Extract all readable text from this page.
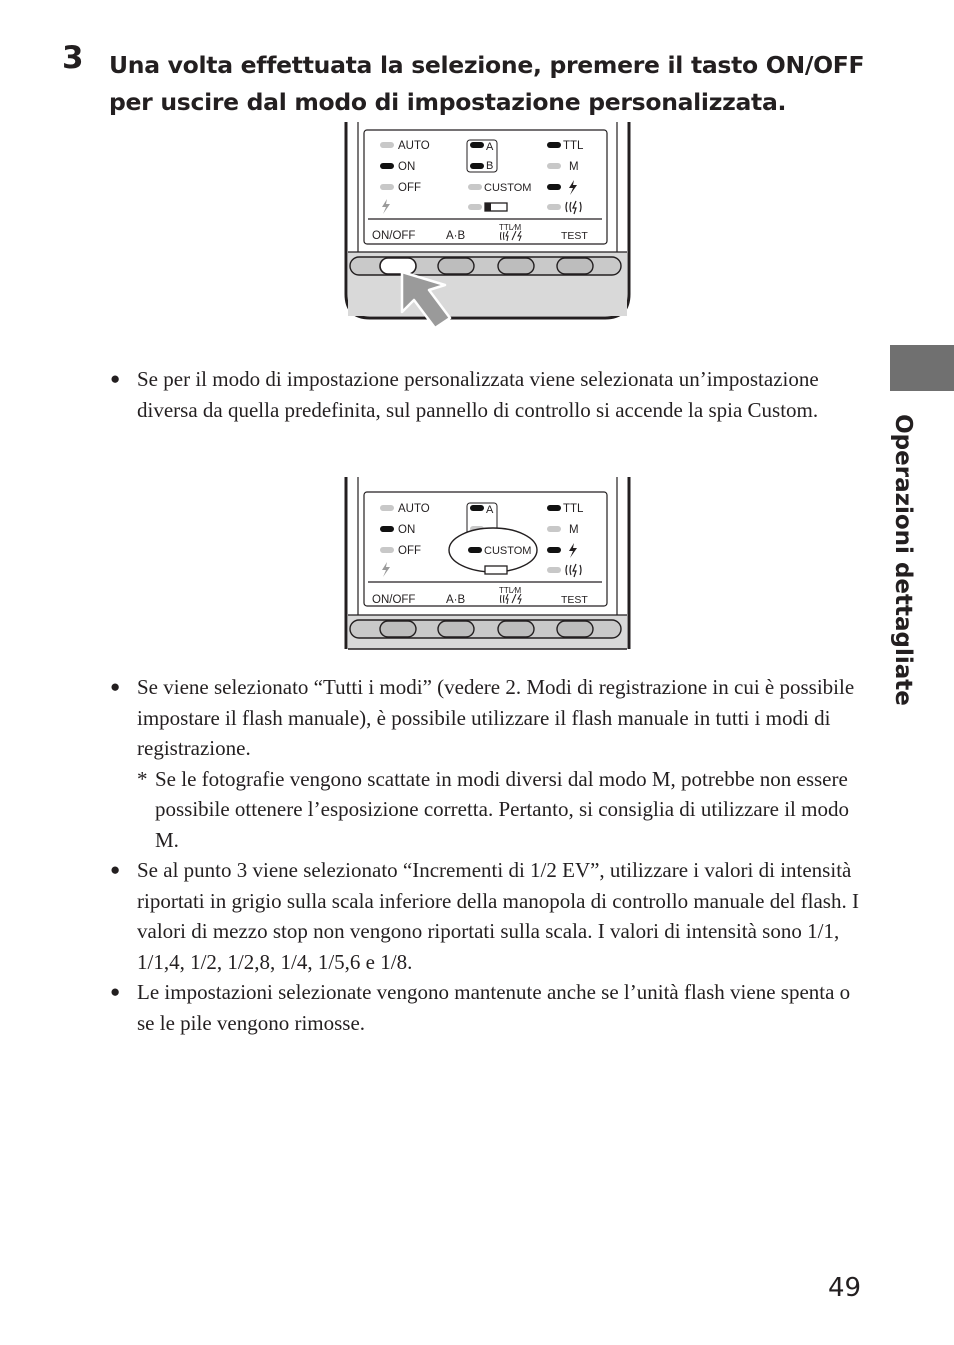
3 Una volta effettuata la selezione, premere il tasto ON/OFF per uscire dal modo di impostazione personalizzata.
AUTO	A	TTL
ON	B	M
OFF	CUSTOM
ON/OFF	A·B
TTL∕M
TEST
● Se per il modo di impostazione personalizzata viene selezionata un’impostazione diversa da quella predefinita, sul pannello di controllo si accende la spia Custom.
AUTO	A	TTL
ON	M
OFF	CUSTOM
ON/OFF	A·B
TTL∕M
TEST
● Se viene selezionato “Tutti i modi” (vedere 2. Modi di registrazione in cui è possibile impostare il flash manuale), è possibile utilizzare il flash manuale in tutti i modi di registrazione.
* Se le fotografie vengono scattate in modi diversi dal modo M, potrebbe non essere possibile ottenere l’esposizione corretta. Pertanto, si consiglia di utilizzare il modo M.
● Se al punto 3 viene selezionato “Incrementi di 1/2 EV”, utilizzare i valori di intensità riportati in grigio sulla scala inferiore della manopola di controllo manuale del flash. I valori di mezzo stop non vengono riportati sulla scala. I valori di intensità sono 1/1, 1/1,4, 1/2, 1/2,8, 1/4, 1/5,6 e 1/8.
● Le impostazioni selezionate vengono mantenute anche se l’unità flash viene spenta o se le pile vengono rimosse.
Operazioni dettagliate
49
